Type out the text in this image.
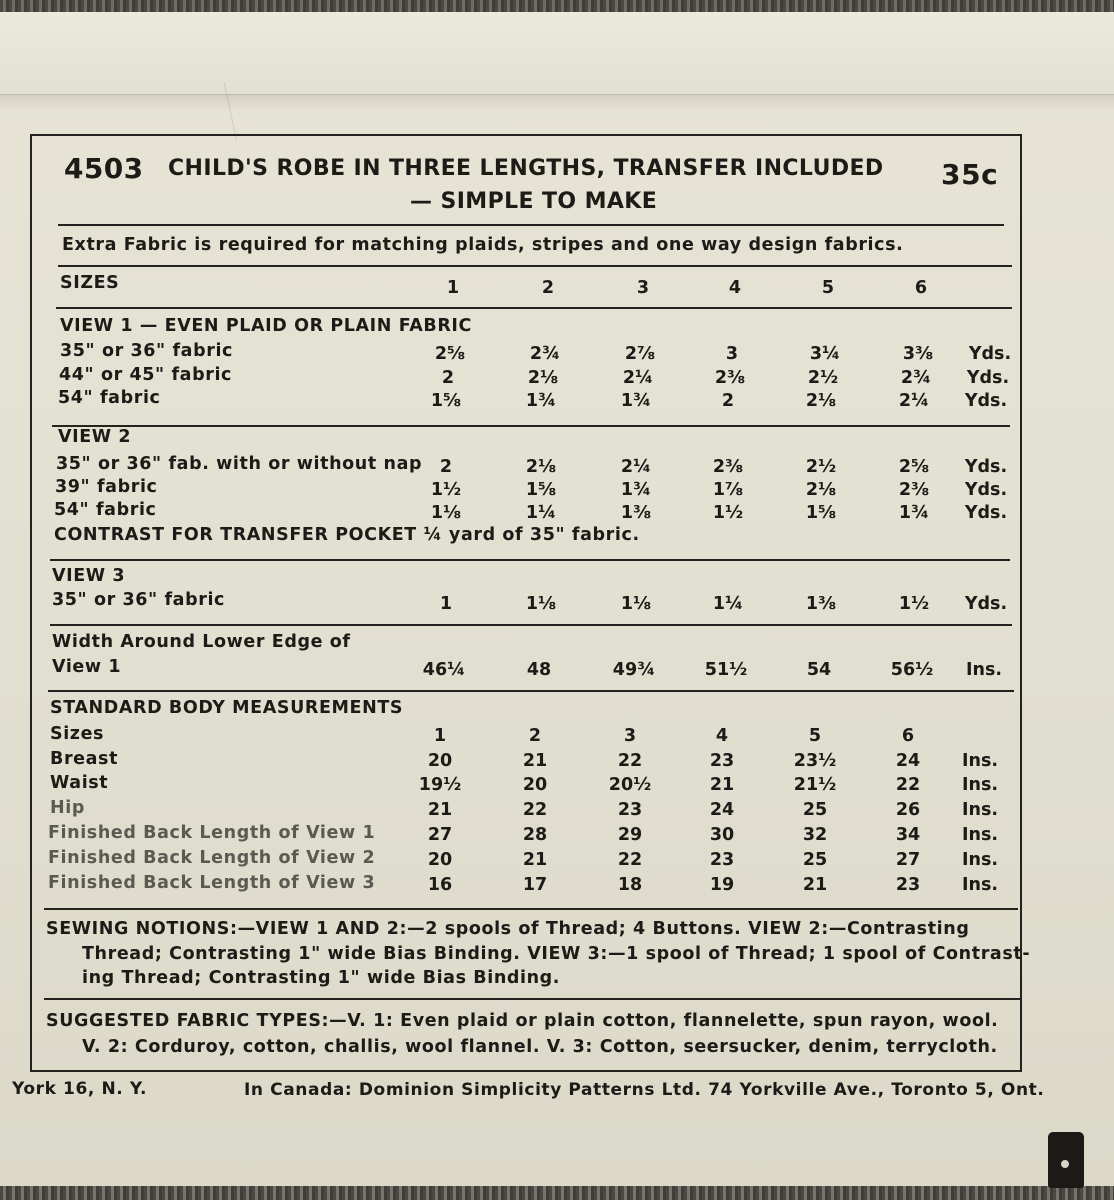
4503 CHILD'S ROBE IN THREE LENGTHS, TRANSFER INCLUDED 35c
— SIMPLE TO MAKE
Extra Fabric is required for matching plaids, stripes and one way design fabrics.
SIZES	1	2	3	4	5	6
VIEW 1 — EVEN PLAID OR PLAIN FABRIC
35" or 36" fabric	2⅝	2¾	2⅞	3	3¼	3⅜	Yds.
44" or 45" fabric	2	2⅛	2¼	2⅜	2½	2¾	Yds.
54" fabric	1⅝	1¾	1¾	2	2⅛	2¼	Yds.
VIEW 2
35" or 36" fab. with or without nap	2	2⅛	2¼	2⅜	2½	2⅝	Yds.
39" fabric	1½	1⅝	1¾	1⅞	2⅛	2⅜	Yds.
54" fabric	1⅛	1¼	1⅜	1½	1⅝	1¾	Yds.
CONTRAST FOR TRANSFER POCKET ¼ yard of 35" fabric.
VIEW 3
35" or 36" fabric	1	1⅛	1⅛	1¼	1⅜	1½	Yds.
Width Around Lower Edge of
View 1	46¼	48	49¾	51½	54	56½	Ins.
STANDARD BODY MEASUREMENTS
Sizes	1	2	3	4	5	6
Breast	20	21	22	23	23½	24	Ins.
Waist	19½	20	20½	21	21½	22	Ins.
Hip	21	22	23	24	25	26	Ins.
Finished Back Length of View 1	27	28	29	30	32	34	Ins.
Finished Back Length of View 2	20	21	22	23	25	27	Ins.
Finished Back Length of View 3	16	17	18	19	21	23	Ins.
SEWING NOTIONS:—VIEW 1 AND 2:—2 spools of Thread; 4 Buttons. VIEW 2:—Contrasting
Thread; Contrasting 1" wide Bias Binding. VIEW 3:—1 spool of Thread; 1 spool of Contrast-
ing Thread; Contrasting 1" wide Bias Binding.
SUGGESTED FABRIC TYPES:—V. 1: Even plaid or plain cotton, flannelette, spun rayon, wool.
V. 2: Corduroy, cotton, challis, wool flannel. V. 3: Cotton, seersucker, denim, terrycloth.
York 16, N. Y.	In Canada: Dominion Simplicity Patterns Ltd. 74 Yorkville Ave., Toronto 5, Ont.
